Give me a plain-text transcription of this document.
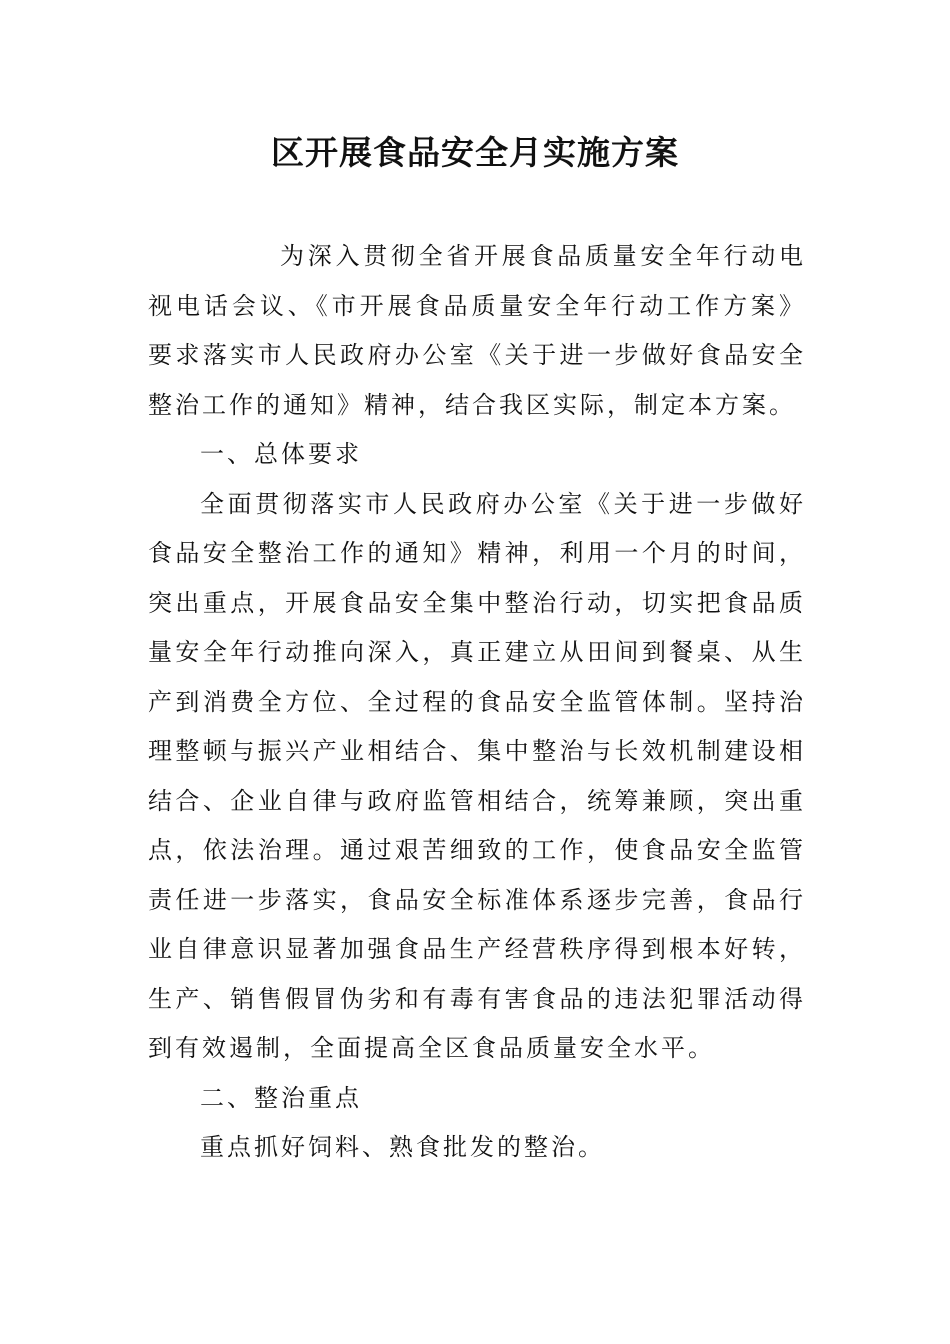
区开展食品安全月实施方案

为深入贯彻全省开展食品质量安全年行动电视电话会议、《市开展食品质量安全年行动工作方案》要求落实市人民政府办公室《关于进一步做好食品安全整治工作的通知》精神，结合我区实际，制定本方案。

一、总体要求

全面贯彻落实市人民政府办公室《关于进一步做好食品安全整治工作的通知》精神，利用一个月的时间，突出重点，开展食品安全集中整治行动，切实把食品质量安全年行动推向深入，真正建立从田间到餐桌、从生产到消费全方位、全过程的食品安全监管体制。坚持治理整顿与振兴产业相结合、集中整治与长效机制建设相结合、企业自律与政府监管相结合，统筹兼顾，突出重点，依法治理。通过艰苦细致的工作，使食品安全监管责任进一步落实，食品安全标准体系逐步完善，食品行业自律意识显著加强食品生产经营秩序得到根本好转，生产、销售假冒伪劣和有毒有害食品的违法犯罪活动得到有效遏制，全面提高全区食品质量安全水平。

二、整治重点

重点抓好饲料、熟食批发的整治。
